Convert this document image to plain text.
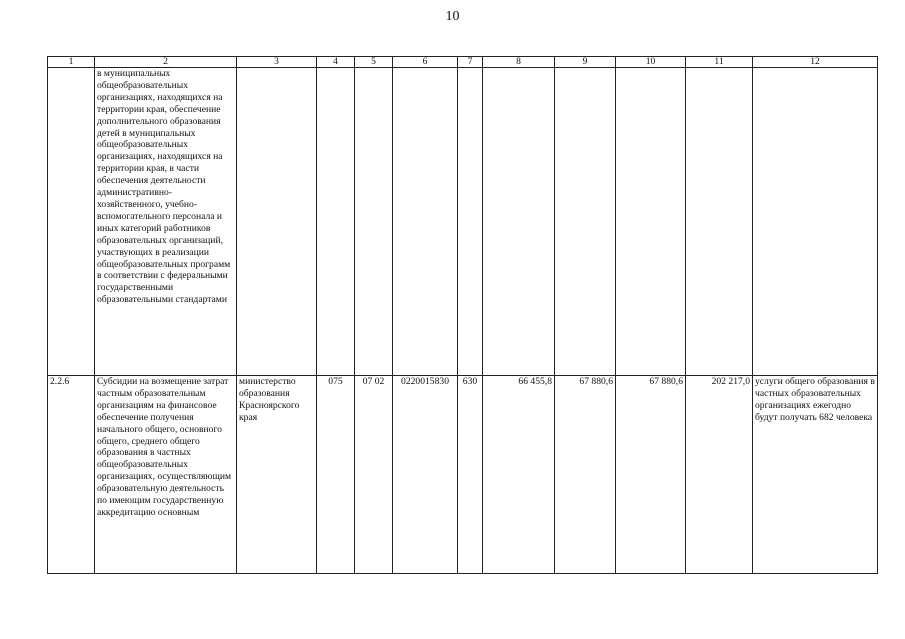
10
1	2	3	4	5	6	7	8	9	10	11	12
	в муниципальных общеобразовательных организациях, находящихся на территории края, обеспечение дополнительного образования детей в муниципальных общеобразовательных организациях, находящихся на территории края, в части обеспечения деятельности административно-хозяйственного, учебно-вспомогательного персонала и иных категорий работников образовательных организаций, участвующих в реализации общеобразовательных программ в соответствии с федеральными государственными образовательными стандартами										
2.2.6	Субсидии на возмещение затрат частным образовательным организациям на финансовое обеспечение получения начального общего, основного общего, среднего общего образования в частных общеобразовательных организациях, осуществляющим образовательную деятельность по имеющим государственную аккредитацию основным	министерство образования Красноярского края	075	07 02	0220015830	630	66 455,8	67 880,6	67 880,6	202 217,0	услуги общего образования в частных образовательных организациях ежегодно будут получать 682 человека
